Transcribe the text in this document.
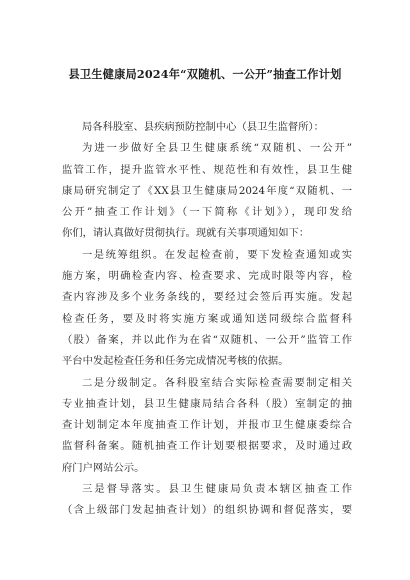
县卫生健康局2024年“双随机、一公开”抽查工作计划
局各科股室、县疾病预防控制中心（县卫生监督所）：
为进一步做好全县卫生健康系统“双随机、一公开”
监管工作，提升监管水平性、规范性和有效性，县卫生健
康局研究制定了《XX县卫生健康局2024年度“双随机、一
公开”抽查工作计划》（一下简称《计划》），现印发给
你们，请认真做好贯彻执行。现就有关事项通知如下：
一是统筹组织。在发起检查前，要下发检查通知或实
施方案，明确检查内容、检查要求、完成时限等内容，检
查内容涉及多个业务条线的，要经过会签后再实施。发起
检查任务，要及时将实施方案或通知送同级综合监督科
（股）备案，并以此作为在省“双随机、一公开”监管工作
平台中发起检查任务和任务完成情况考核的依据。
二是分级制定。各科股室结合实际检查需要制定相关
专业抽查计划，县卫生健康局结合各科（股）室制定的抽
查计划制定本年度抽查工作计划，并报市卫生健康委综合
监督科备案。随机抽查工作计划要根据要求，及时通过政
府门户网站公示。
三是督导落实。县卫生健康局负责本辖区抽查工作
（含上级部门发起抽查计划）的组织协调和督促落实，要
